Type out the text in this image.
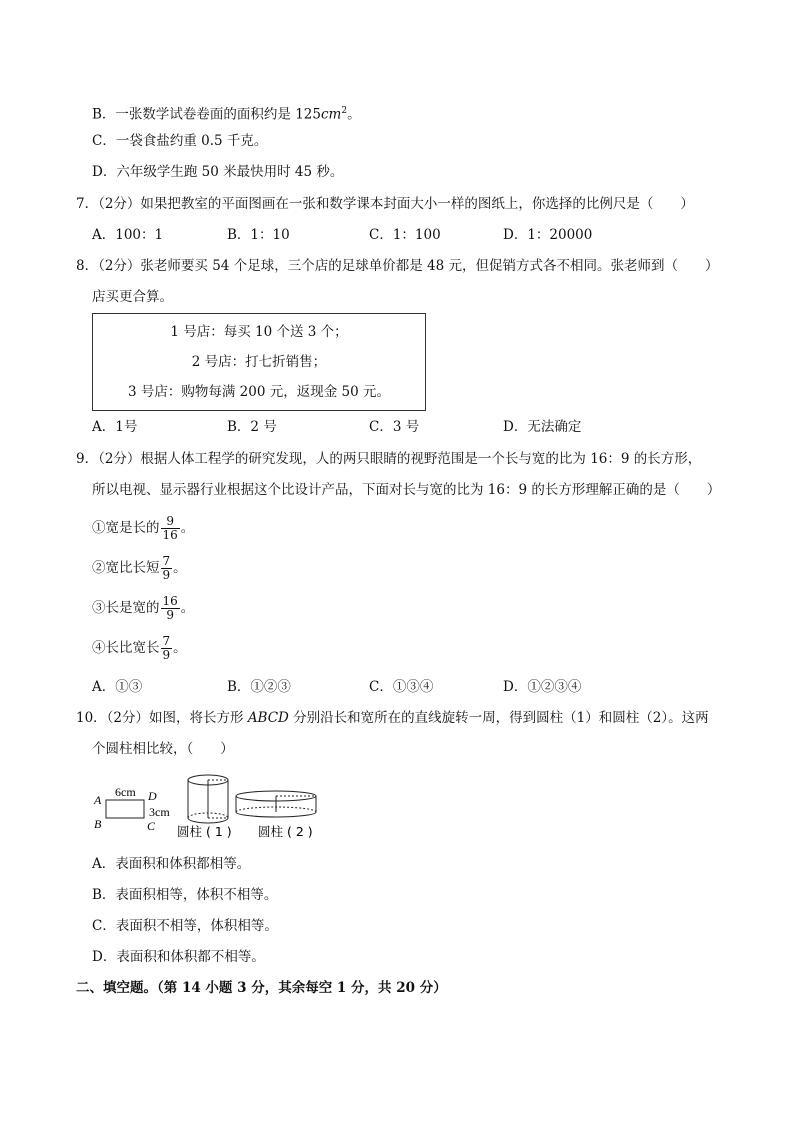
B．一张数学试卷卷面的面积约是 $125cm^2$。
C．一袋食盐约重 0.5 千克。
D．六年级学生跑 50 米最快用时 45 秒。
7．（2分）如果把教室的平面图画在一张和数学课本封面大小一样的图纸上，你选择的比例尺是（　　）
A．100：1	B．1：10	C．1：100	D．1：20000
8．（2分）张老师要买 54 个足球，三个店的足球单价都是 48 元，但促销方式各不相同。张老师到（　　）
店买更合算。
1 号店：每买 10 个送 3 个；
2 号店：打七折销售；
3 号店：购物每满 200 元，返现金 50 元。
A．1号	B．2 号	C．3 号	D．无法确定
9．（2分）根据人体工程学的研究发现，人的两只眼睛的视野范围是一个长与宽的比为 16：9 的长方形，
所以电视、显示器行业根据这个比设计产品，下面对长与宽的比为 16：9 的长方形理解正确的是（　　）
①宽是长的 $\frac{9}{16}$ 。
②宽比长短 $\frac{7}{9}$ 。
③长是宽的 $\frac{16}{9}$ 。
④长比宽长 $\frac{7}{9}$ 。
A．①③	B．①②③	C．①③④	D．①②③④
10．（2分）如图，将长方形 ABCD 分别沿长和宽所在的直线旋转一周，得到圆柱（1）和圆柱（2）。这两
个圆柱相比较，（　　）
A
B	C
D
6cm
3cm
圆柱 ( 1 ) 圆柱 ( 2 )
A．表面积和体积都相等。
B．表面积相等，体积不相等。
C．表面积不相等，体积相等。
D．表面积和体积都不相等。
二、填空题。（第 14 小题 3 分，其余每空 1 分，共 20 分）
